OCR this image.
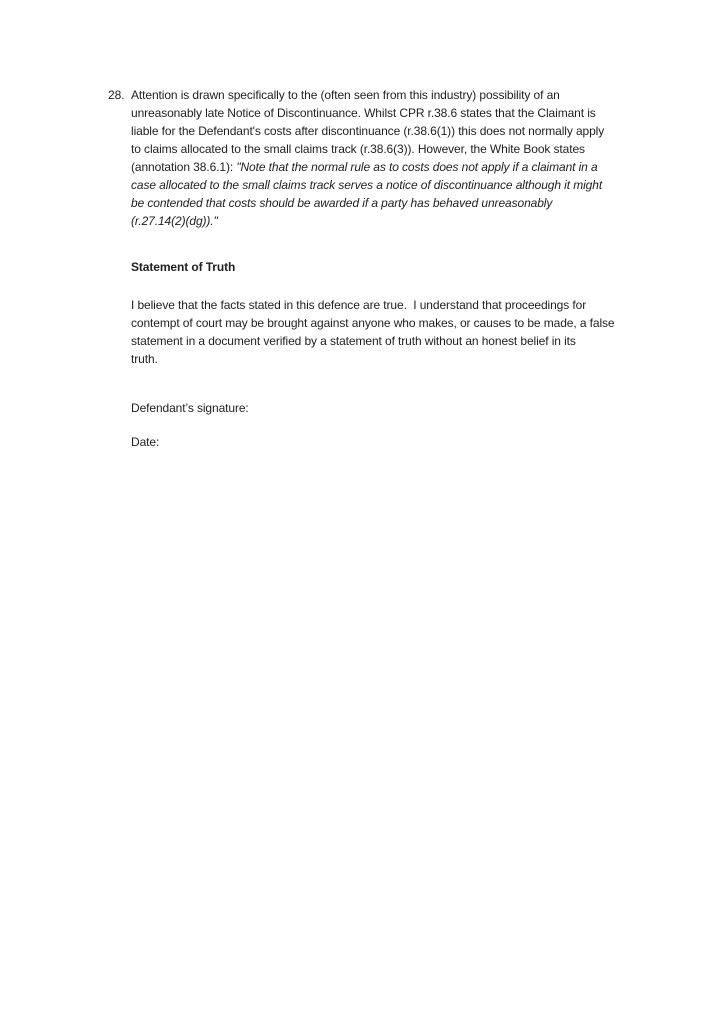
28. Attention is drawn specifically to the (often seen from this industry) possibility of an
unreasonably late Notice of Discontinuance. Whilst CPR r.38.6 states that the Claimant is
liable for the Defendant's costs after discontinuance (r.38.6(1)) this does not normally apply
to claims allocated to the small claims track (r.38.6(3)). However, the White Book states
(annotation 38.6.1): "Note that the normal rule as to costs does not apply if a claimant in a
case allocated to the small claims track serves a notice of discontinuance although it might
be contended that costs should be awarded if a party has behaved unreasonably
(r.27.14(2)(dg))."
Statement of Truth
I believe that the facts stated in this defence are true.  I understand that proceedings for
contempt of court may be brought against anyone who makes, or causes to be made, a false
statement in a document verified by a statement of truth without an honest belief in its
truth.
Defendant’s signature:
Date:
